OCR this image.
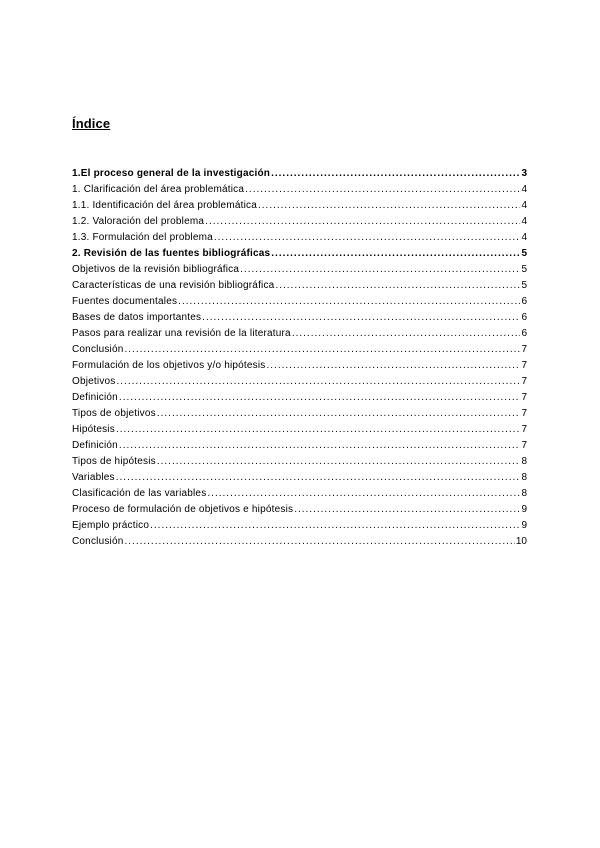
Índice
1.El proceso general de la investigación .....	3
1. Clarificación del área problemática .....	4
1.1. Identificación del área problemática .....	4
1.2. Valoración del problema .....	4
1.3. Formulación del problema .....	4
2. Revisión de las fuentes bibliográficas .....	5
Objetivos de la revisión bibliográfica .....	5
Características de una revisión bibliográfica .....	5
Fuentes documentales .....	6
Bases de datos importantes .....	6
Pasos para realizar una revisión de la literatura .....	6
Conclusión .....	7
Formulación de los objetivos y/o hipótesis .....	7
Objetivos .....	7
Definición .....	7
Tipos de objetivos .....	7
Hipótesis .....	7
Definición .....	7
Tipos de hipótesis .....	8
Variables .....	8
Clasificación de las variables .....	8
Proceso de formulación de objetivos e hipótesis .....	9
Ejemplo práctico .....	9
Conclusión .....	10
